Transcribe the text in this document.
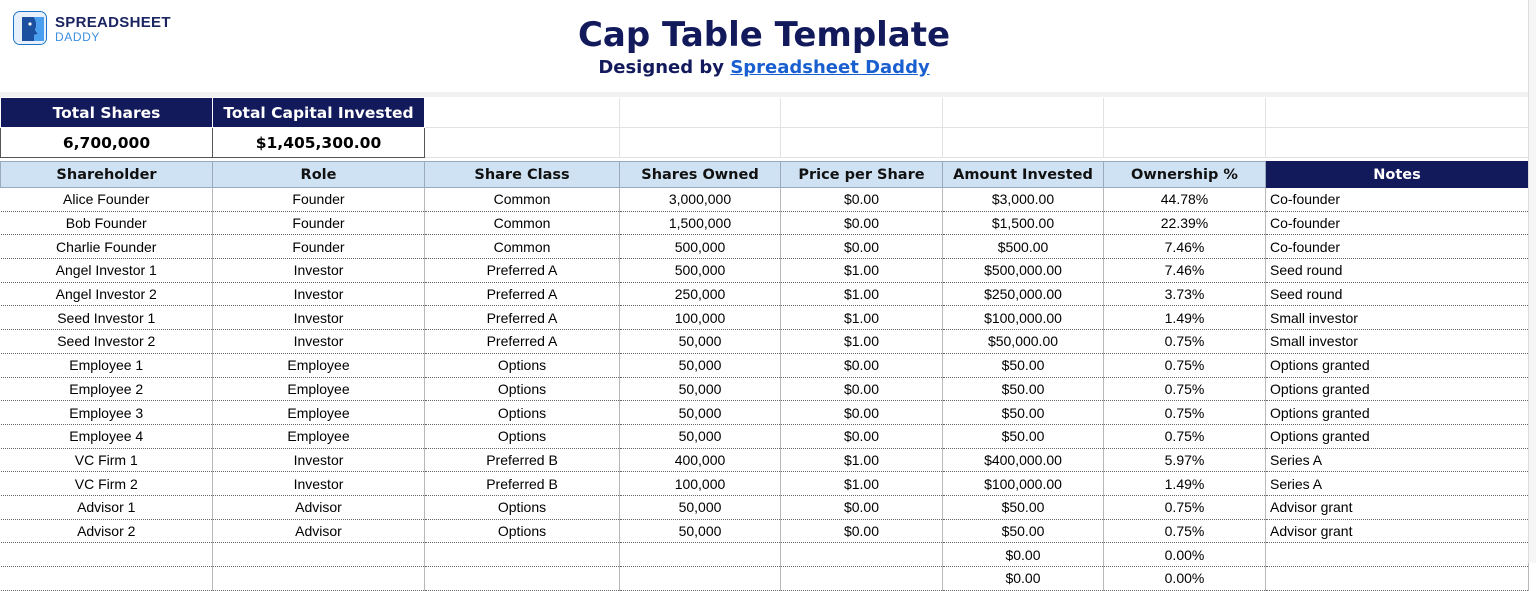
SPREADSHEET
DADDY	Cap Table Template
Designed by Spreadsheet Daddy
Total Shares	Total Capital Invested						
6,700,000	$1,405,300.00						
Shareholder	Role	Share Class	Shares Owned	Price per Share	Amount Invested	Ownership %	Notes
Alice Founder	Founder	Common	3,000,000	$0.00	$3,000.00	44.78%	Co-founder
Bob Founder	Founder	Common	1,500,000	$0.00	$1,500.00	22.39%	Co-founder
Charlie Founder	Founder	Common	500,000	$0.00	$500.00	7.46%	Co-founder
Angel Investor 1	Investor	Preferred A	500,000	$1.00	$500,000.00	7.46%	Seed round
Angel Investor 2	Investor	Preferred A	250,000	$1.00	$250,000.00	3.73%	Seed round
Seed Investor 1	Investor	Preferred A	100,000	$1.00	$100,000.00	1.49%	Small investor
Seed Investor 2	Investor	Preferred A	50,000	$1.00	$50,000.00	0.75%	Small investor
Employee 1	Employee	Options	50,000	$0.00	$50.00	0.75%	Options granted
Employee 2	Employee	Options	50,000	$0.00	$50.00	0.75%	Options granted
Employee 3	Employee	Options	50,000	$0.00	$50.00	0.75%	Options granted
Employee 4	Employee	Options	50,000	$0.00	$50.00	0.75%	Options granted
VC Firm 1	Investor	Preferred B	400,000	$1.00	$400,000.00	5.97%	Series A
VC Firm 2	Investor	Preferred B	100,000	$1.00	$100,000.00	1.49%	Series A
Advisor 1	Advisor	Options	50,000	$0.00	$50.00	0.75%	Advisor grant
Advisor 2	Advisor	Options	50,000	$0.00	$50.00	0.75%	Advisor grant
					$0.00	0.00%	
					$0.00	0.00%	
